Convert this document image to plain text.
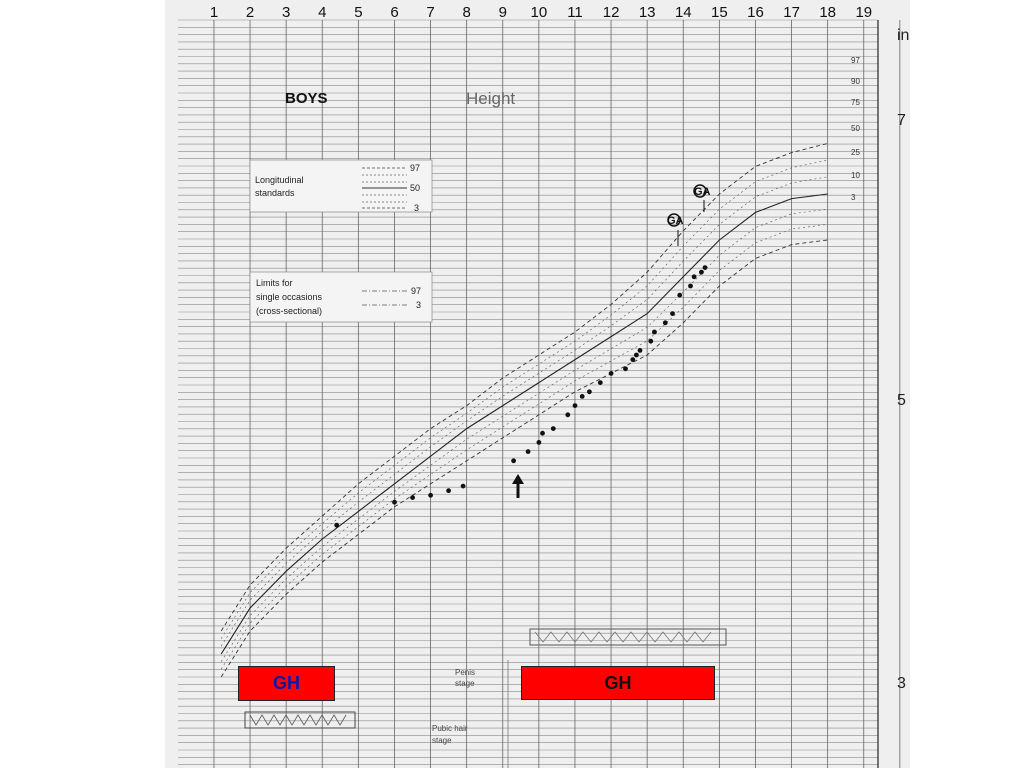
1 2 3 4 5 6 7 8 9 10 11 12 13 14 15 16 17 18 19
in
7
5
3
97
90
75
50
25
10
3
BOYS	Height
Longitudinal
standards
97
50
3
Limits for
single occasions
(cross-sectional)
97
3
GA
GA
Penis
stage
Pubic hair
stage
GH	GH
